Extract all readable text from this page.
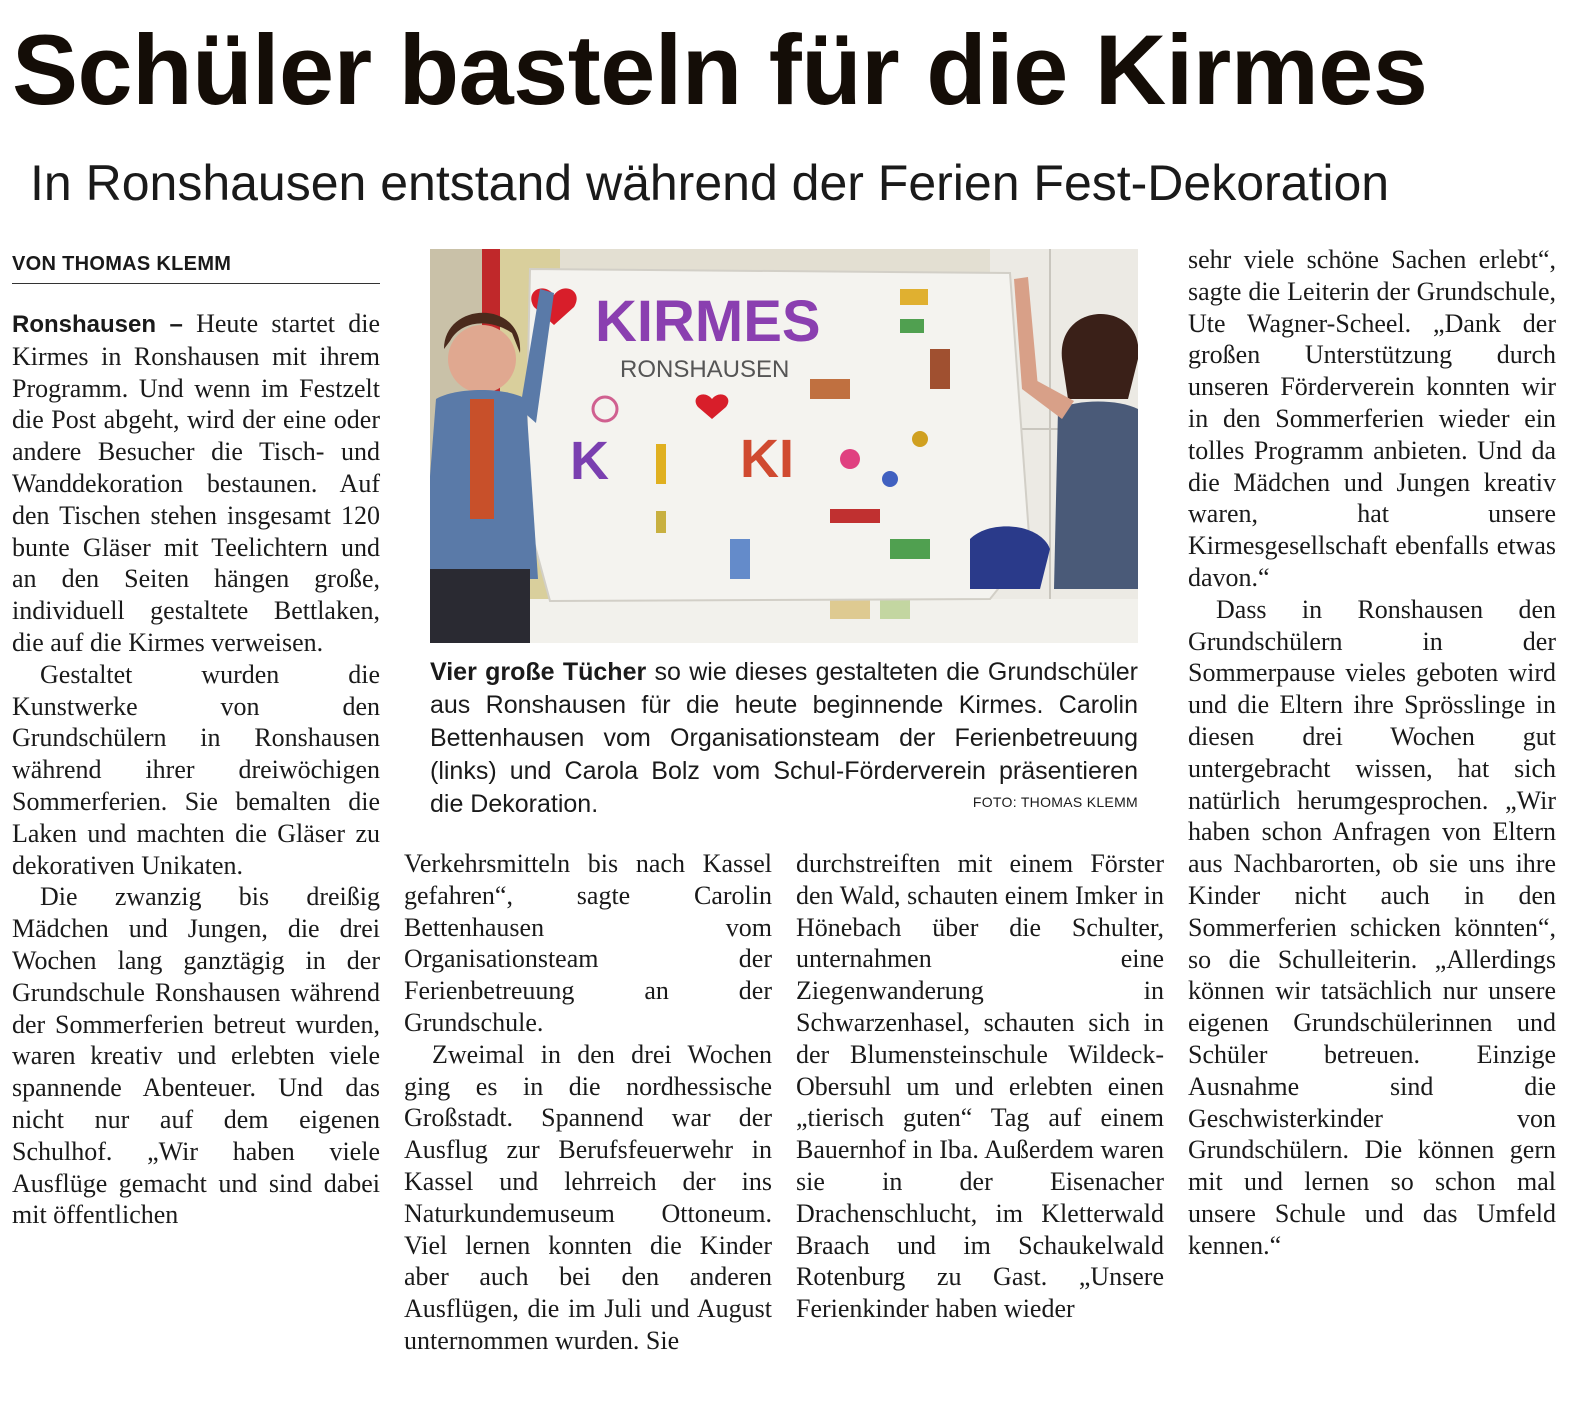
Schüler basteln für die Kirmes
In Ronshausen entstand während der Ferien Fest-Dekoration
VON THOMAS KLEMM

Ronshausen – Heute startet die Kirmes in Ronshausen mit ihrem Programm. Und wenn im Festzelt die Post abgeht, wird der eine oder andere Besucher die Tisch- und Wanddekoration bestaunen. Auf den Tischen stehen insgesamt 120 bunte Gläser mit Teelichtern und an den Seiten hängen große, individuell gestaltete Bettlaken, die auf die Kirmes verweisen.

Gestaltet wurden die Kunstwerke von den Grundschülern in Ronshausen während ihrer dreiwöchigen Sommerferien. Sie bemalten die Laken und machten die Gläser zu dekorativen Unikaten.

Die zwanzig bis dreißig Mädchen und Jungen, die drei Wochen lang ganztägig in der Grundschule Ronshausen während der Sommerferien betreut wurden, waren kreativ und erlebten viele spannende Abenteuer. Und das nicht nur auf dem eigenen Schulhof. „Wir haben viele Ausflüge gemacht und sind dabei mit öffentlichen

KIRMES
RONSHAUSEN
K KI
Vier große Tücher so wie dieses gestalteten die Grundschüler aus Ronshausen für die heute beginnende Kirmes. Carolin Bettenhausen vom Organisationsteam der Ferienbetreuung (links) und Carola Bolz vom Schul-Förderverein präsentieren die Dekoration.	FOTO: THOMAS KLEMM

Verkehrsmitteln bis nach Kassel gefahren“, sagte Carolin Bettenhausen vom Organisationsteam der Ferienbetreuung an der Grundschule.

Zweimal in den drei Wochen ging es in die nordhessische Großstadt. Spannend war der Ausflug zur Berufsfeuerwehr in Kassel und lehrreich der ins Naturkundemuseum Ottoneum. Viel lernen konnten die Kinder aber auch bei den anderen Ausflügen, die im Juli und August unternommen wurden. Sie

durchstreiften mit einem Förster den Wald, schauten einem Imker in Hönebach über die Schulter, unternahmen eine Ziegenwanderung in Schwarzenhasel, schauten sich in der Blumensteinschule Wildeck-Obersuhl um und erlebten einen „tierisch guten“ Tag auf einem Bauernhof in Iba. Außerdem waren sie in der Eisenacher Drachenschlucht, im Kletterwald Braach und im Schaukelwald Rotenburg zu Gast. „Unsere Ferienkinder haben wieder

sehr viele schöne Sachen erlebt“, sagte die Leiterin der Grundschule, Ute Wagner-Scheel. „Dank der großen Unterstützung durch unseren Förderverein konnten wir in den Sommerferien wieder ein tolles Programm anbieten. Und da die Mädchen und Jungen kreativ waren, hat unsere Kirmesgesellschaft ebenfalls etwas davon.“

Dass in Ronshausen den Grundschülern in der Sommerpause vieles geboten wird und die Eltern ihre Sprösslinge in diesen drei Wochen gut untergebracht wissen, hat sich natürlich herumgesprochen. „Wir haben schon Anfragen von Eltern aus Nachbarorten, ob sie uns ihre Kinder nicht auch in den Sommerferien schicken könnten“, so die Schulleiterin. „Allerdings können wir tatsächlich nur unsere eigenen Grundschülerinnen und Schüler betreuen. Einzige Ausnahme sind die Geschwisterkinder von Grundschülern. Die können gern mit und lernen so schon mal unsere Schule und das Umfeld kennen.“
